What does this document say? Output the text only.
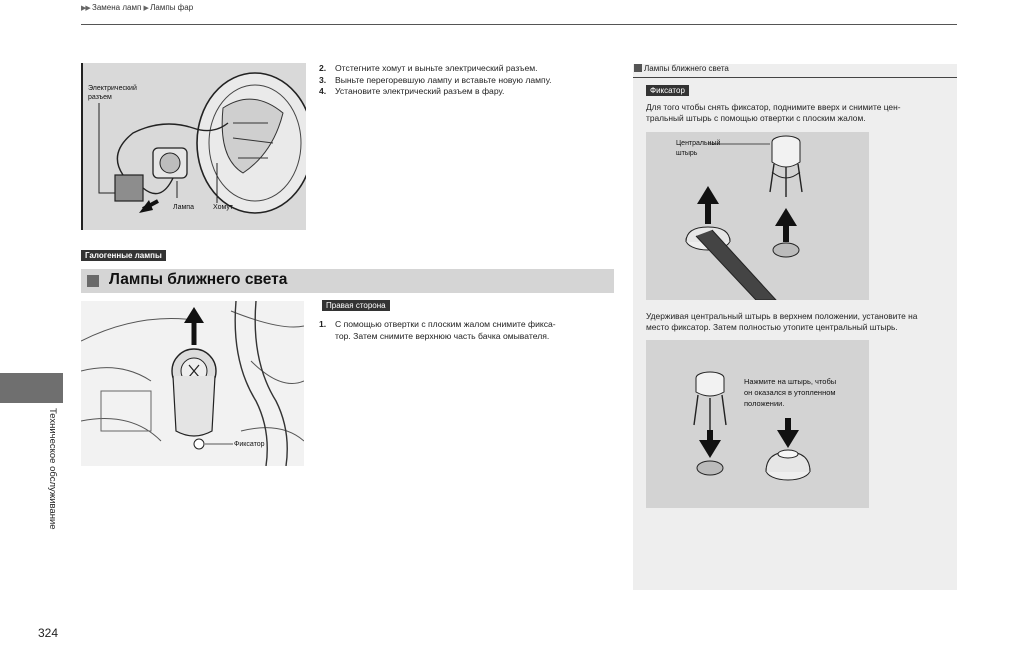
▶▶ Замена ламп ▶ Лампы фар
Электрический разъем
Лампа	Хомут
2.	Отстегните хомут и выньте электрический разъем.
3.	Выньте перегоревшую лампу и вставьте новую лампу.
4.	Установите электрический разъем в фару.
Галогенные лампы
Лампы ближнего света
Фиксатор
Правая сторона
1.	С помощью отвертки с плоским жалом снимите фикса-
тор. Затем снимите верхнюю часть бачка омывателя.
Техническое обслуживание
324
Лампы ближнего света
Фиксатор
Для того чтобы снять фиксатор, поднимите вверх и снимите цен-
тральный штырь с помощью отвертки с плоским жалом.
Центральный штырь
Удерживая центральный штырь в верхнем положении, установите на
место фиксатор. Затем полностью утопите центральный штырь.
Нажмите на штырь, чтобы
он оказался в утопленном
положении.
